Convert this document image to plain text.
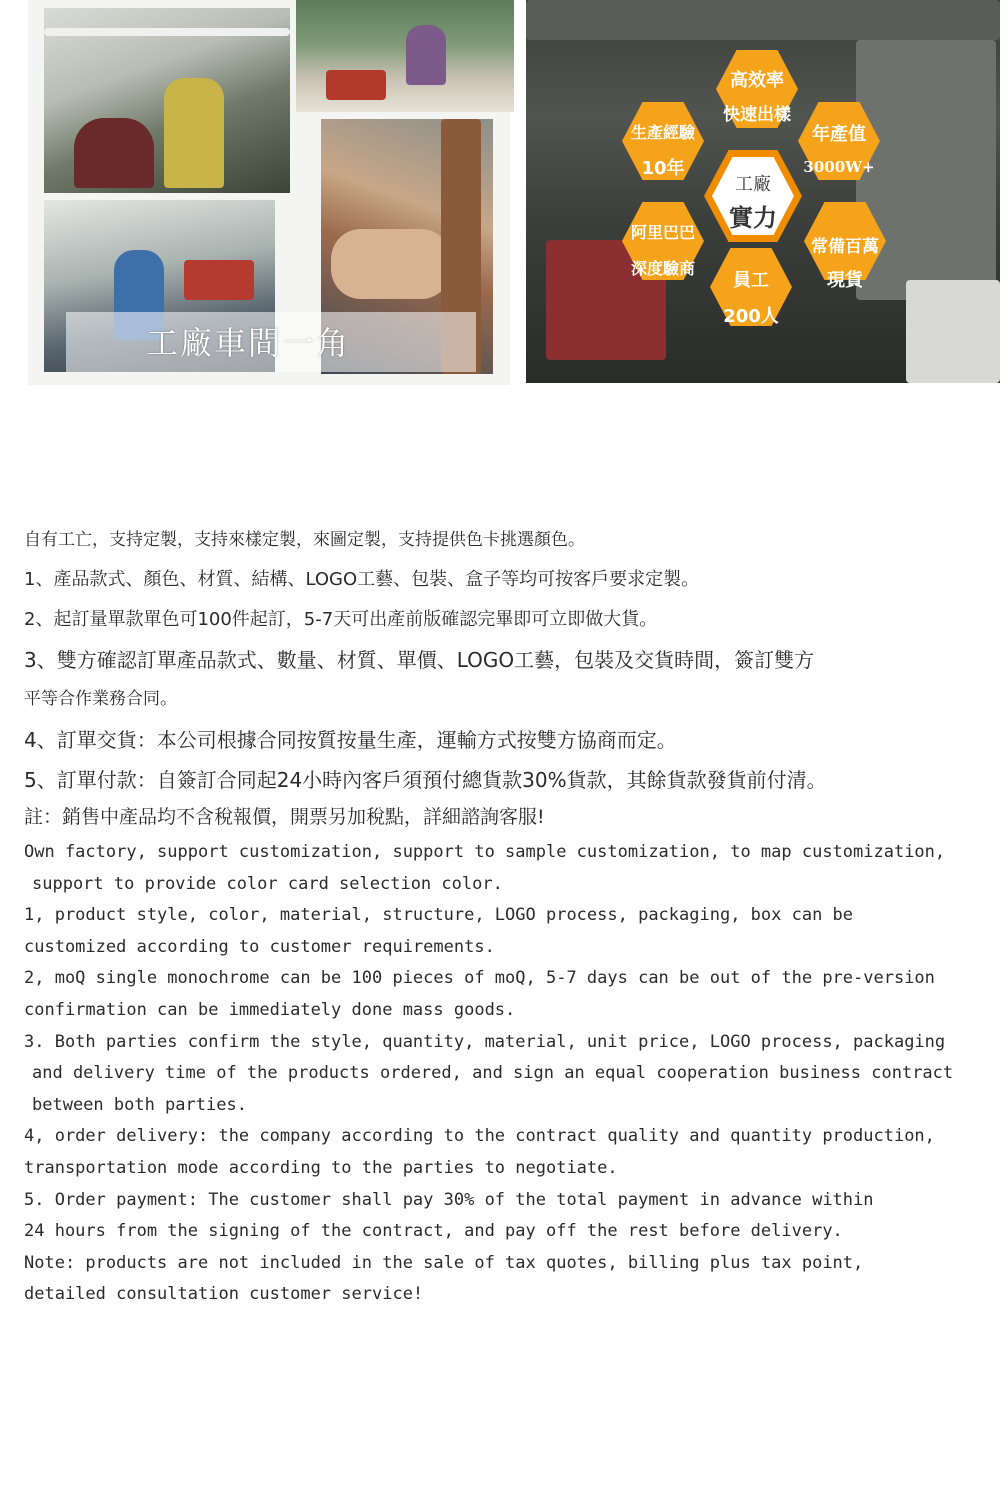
工廠車間一角
高效率
快速出樣
生產經驗
10年
年產值
3000W+
工廠
實力
阿里巴巴
深度驗商
常備百萬
現貨
員工
200人

自有工亡，支持定製，支持來樣定製，來圖定製，支持提供色卡挑選顏色。

1、產品款式、顏色、材質、結構、LOGO工藝、包裝、盒子等均可按客戶要求定製。

2、起訂量單款單色可100件起訂，5-7天可出產前版確認完畢即可立即做大貨。

3、雙方確認訂單產品款式、數量、材質、單價、LOGO工藝，包裝及交貨時間，簽訂雙方

平等合作業務合同。

4、訂單交貨：本公司根據合同按質按量生產，運輸方式按雙方協商而定。

5、訂單付款：自簽訂合同起24小時內客戶須預付總貨款30%貨款，其餘貨款發貨前付清。

註：銷售中產品均不含稅報價，開票另加稅點，詳細諮詢客服!

Own factory, support customization, support to sample customization, to map customization,

support to provide color card selection color.

1, product style, color, material, structure, LOGO process, packaging, box can be

customized according to customer requirements.

2, moQ single monochrome can be 100 pieces of moQ, 5-7 days can be out of the pre-version

confirmation can be immediately done mass goods.

3. Both parties confirm the style, quantity, material, unit price, LOGO process, packaging

and delivery time of the products ordered, and sign an equal cooperation business contract

between both parties.

4, order delivery: the company according to the contract quality and quantity production,

transportation mode according to the parties to negotiate.

5. Order payment: The customer shall pay 30% of the total payment in advance within

24 hours from the signing of the contract, and pay off the rest before delivery.

Note: products are not included in the sale of tax quotes, billing plus tax point,

detailed consultation customer service!
